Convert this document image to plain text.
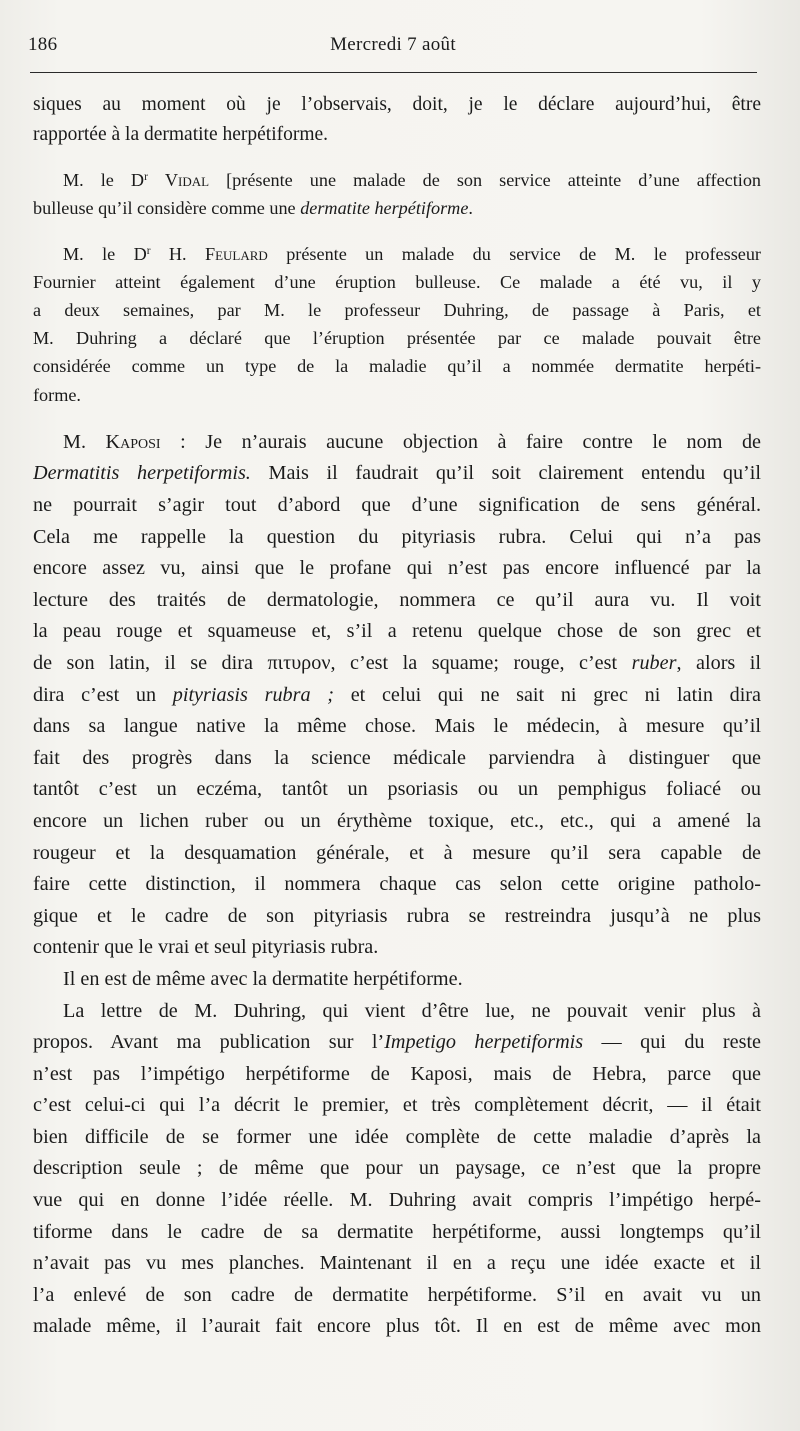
186	Mercredi 7 août
siques au moment où je l’observais, doit, je le déclare aujourd’hui, être
rapportée à la dermatite herpétiforme.
M. le $D^r$ Vidal [présente une malade de son service atteinte d’une affection
bulleuse qu’il considère comme une dermatite herpétiforme.
M. le $D^r$ H. Feulard présente un malade du service de M. le professeur
Fournier atteint également d’une éruption bulleuse. Ce malade a été vu, il y
a deux semaines, par M. le professeur Duhring, de passage à Paris, et
M. Duhring a déclaré que l’éruption présentée par ce malade pouvait être
considérée comme un type de la maladie qu’il a nommée dermatite herpéti-
forme.
M. Kaposi : Je n’aurais aucune objection à faire contre le nom de
Dermatitis herpetiformis. Mais il faudrait qu’il soit clairement entendu qu’il
ne pourrait s’agir tout d’abord que d’une signification de sens général.
Cela me rappelle la question du pityriasis rubra. Celui qui n’a pas
encore assez vu, ainsi que le profane qui n’est pas encore influencé par la
lecture des traités de dermatologie, nommera ce qu’il aura vu. Il voit
la peau rouge et squameuse et, s’il a retenu quelque chose de son grec et
de son latin, il se dira πιτυρον, c’est la squame; rouge, c’est ruber, alors il
dira c’est un pityriasis rubra ; et celui qui ne sait ni grec ni latin dira
dans sa langue native la même chose. Mais le médecin, à mesure qu’il
fait des progrès dans la science médicale parviendra à distinguer que
tantôt c’est un eczéma, tantôt un psoriasis ou un pemphigus foliacé ou
encore un lichen ruber ou un érythème toxique, etc., etc., qui a amené la
rougeur et la desquamation générale, et à mesure qu’il sera capable de
faire cette distinction, il nommera chaque cas selon cette origine patholo-
gique et le cadre de son pityriasis rubra se restreindra jusqu’à ne plus
contenir que le vrai et seul pityriasis rubra.
Il en est de même avec la dermatite herpétiforme.
La lettre de M. Duhring, qui vient d’être lue, ne pouvait venir plus à
propos. Avant ma publication sur l’Impetigo herpetiformis — qui du reste
n’est pas l’impétigo herpétiforme de Kaposi, mais de Hebra, parce que
c’est celui-ci qui l’a décrit le premier, et très complètement décrit, — il était
bien difficile de se former une idée complète de cette maladie d’après la
description seule ; de même que pour un paysage, ce n’est que la propre
vue qui en donne l’idée réelle. M. Duhring avait compris l’impétigo herpé-
tiforme dans le cadre de sa dermatite herpétiforme, aussi longtemps qu’il
n’avait pas vu mes planches. Maintenant il en a reçu une idée exacte et il
l’a enlevé de son cadre de dermatite herpétiforme. S’il en avait vu un
malade même, il l’aurait fait encore plus tôt. Il en est de même avec mon
